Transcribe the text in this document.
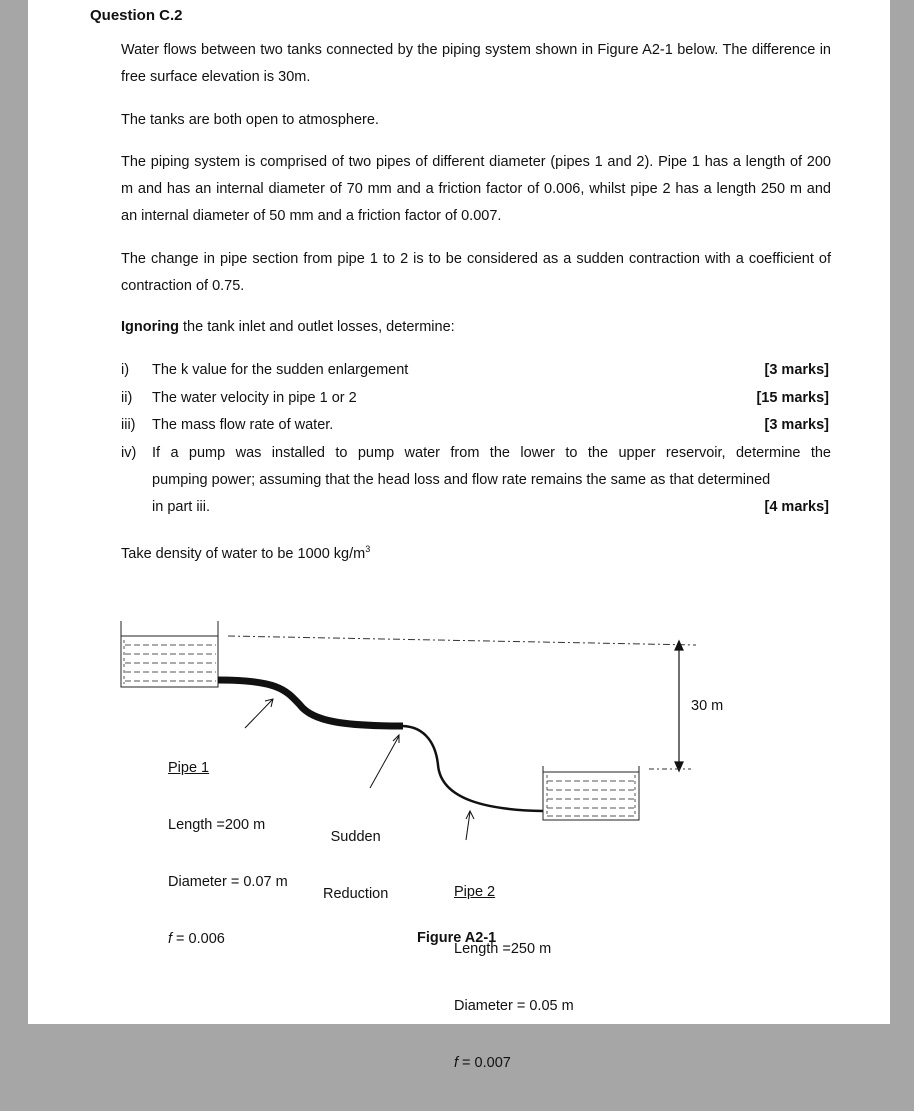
Question C.2

Water flows between two tanks connected by the piping system shown in Figure A2-1 below. The difference in free surface elevation is 30m.

The tanks are both open to atmosphere.

The piping system is comprised of two pipes of different diameter (pipes 1 and 2). Pipe 1 has a length of 200 m and has an internal diameter of 70 mm and a friction factor of 0.006, whilst pipe 2 has a length 250 m and an internal diameter of 50 mm and a friction factor of 0.007.

The change in pipe section from pipe 1 to 2 is to be considered as a sudden contraction with a coefficient of contraction of 0.75.

Ignoring the tank inlet and outlet losses, determine:

i) The k value for the sudden enlargement	[3 marks]
ii) The water velocity in pipe 1 or 2	[15 marks]
iii) The mass flow rate of water.	[3 marks]
iv) If a pump was installed to pump water from the lower to the upper reservoir, determine the
pumping power; assuming that the head loss and flow rate remains the same as that determined
in part iii.	[4 marks]

Take density of water to be 1000 $kg/m^3$

30 m

Pipe 1

Length =200 m

Diameter = 0.07 m

f = 0.006

Sudden

Reduction

	Pipe 2

Length =250 m

Diameter = 0.05 m

f = 0.007

Figure A2-1
